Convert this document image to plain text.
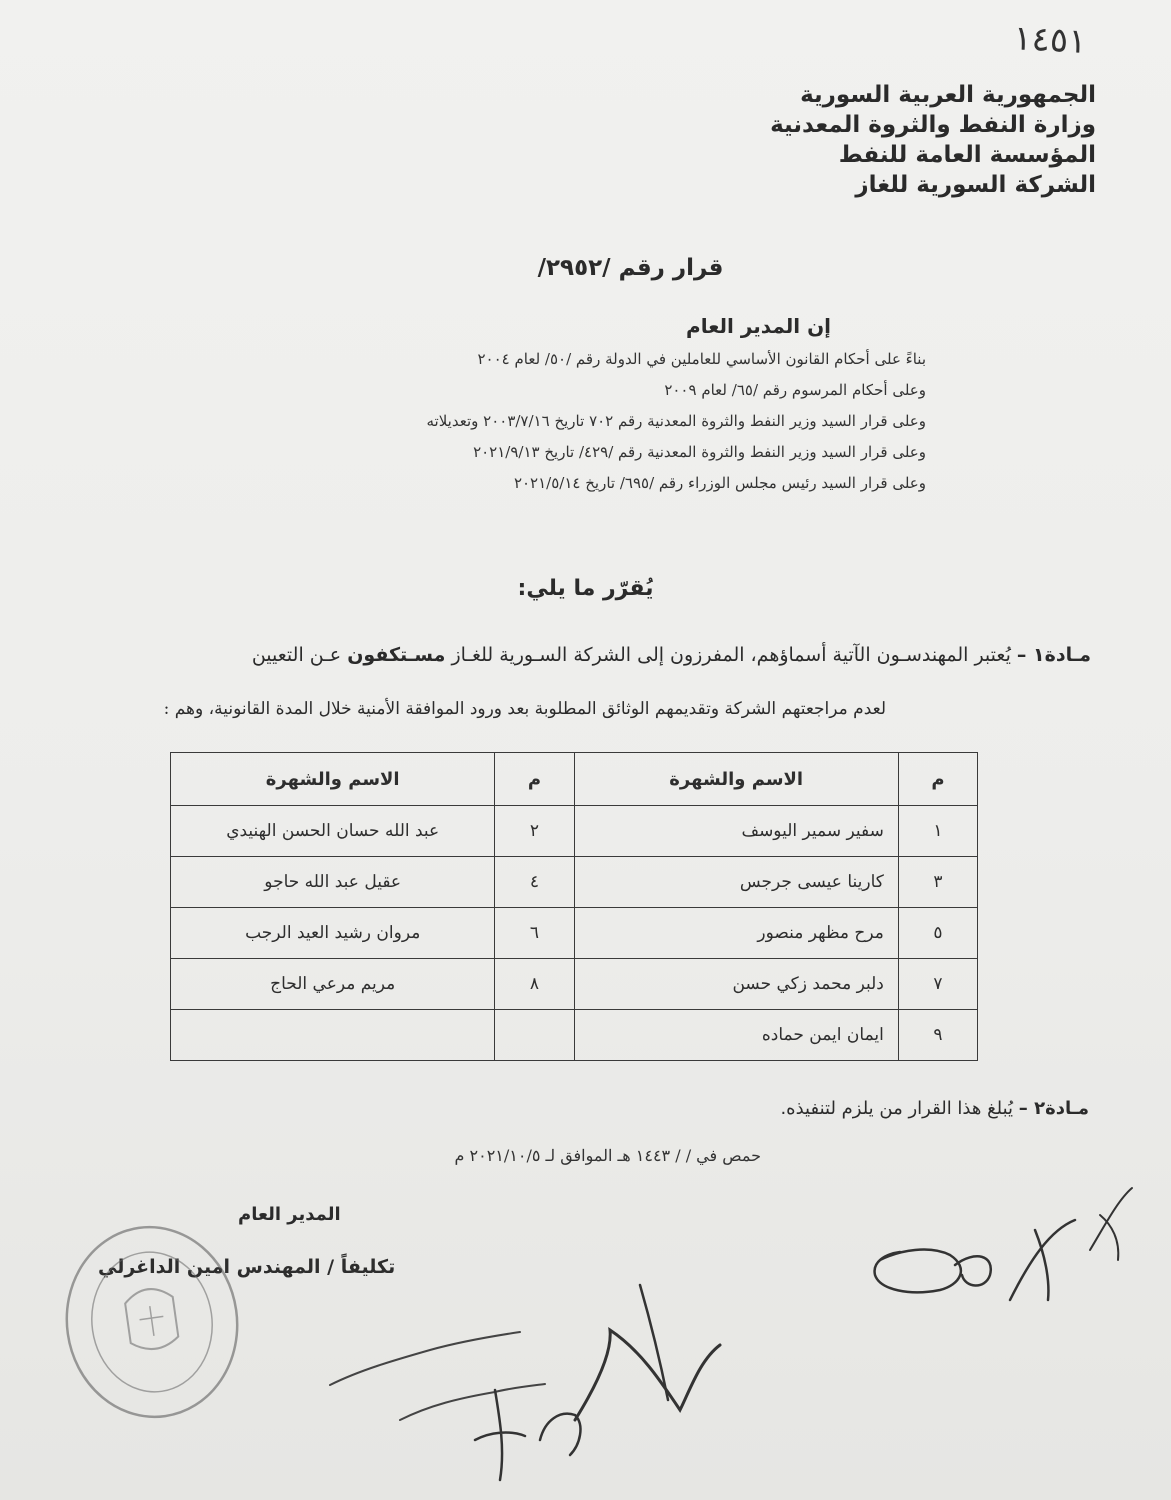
١٤٥١
الجمهورية العربية السورية
وزارة النفط والثروة المعدنية
المؤسسة العامة للنفط
الشركة السورية للغاز
قرار رقم /٢٩٥٢/
إن المدير العام
بناءً على أحكام القانون الأساسي للعاملين في الدولة رقم /٥٠/ لعام ٢٠٠٤
وعلى أحكام المرسوم رقم /٦٥/ لعام ٢٠٠٩
وعلى قرار السيد وزير النفط والثروة المعدنية رقم ٧٠٢ تاريخ ٢٠٠٣/٧/١٦ وتعديلاته
وعلى قرار السيد وزير النفط والثروة المعدنية رقم /٤٢٩/ تاريخ ٢٠٢١/٩/١٣
وعلى قرار السيد رئيس مجلس الوزراء رقم /٦٩٥/ تاريخ ٢٠٢١/٥/١٤
يُقرّر ما يلي:
مـادة١ – يُعتبر المهندسـون الآتية أسماؤهم، المفرزون إلى الشركة السـورية للغـاز مسـتكفون عـن التعيين
لعدم مراجعتهم الشركة وتقديمهم الوثائق المطلوبة بعد ورود الموافقة الأمنية خلال المدة القانونية، وهم :
م	الاسم والشهرة	م	الاسم والشهرة
١	سفير سمير اليوسف	٢	عبد الله حسان الحسن الهنيدي
٣	كارينا عيسى جرجس	٤	عقيل عبد الله حاجو
٥	مرح مظهر منصور	٦	مروان رشيد العيد الرجب
٧	دلبر محمد زكي حسن	٨	مريم مرعي الحاج
٩	ايمان ايمن حماده		
مـادة٢ – يُبلغ هذا القرار من يلزم لتنفيذه.
حمص في / / ١٤٤٣ هـ الموافق لـ ٢٠٢١/١٠/٥ م
المدير العام
تكليفاً / المهندس امين الداغرلي
